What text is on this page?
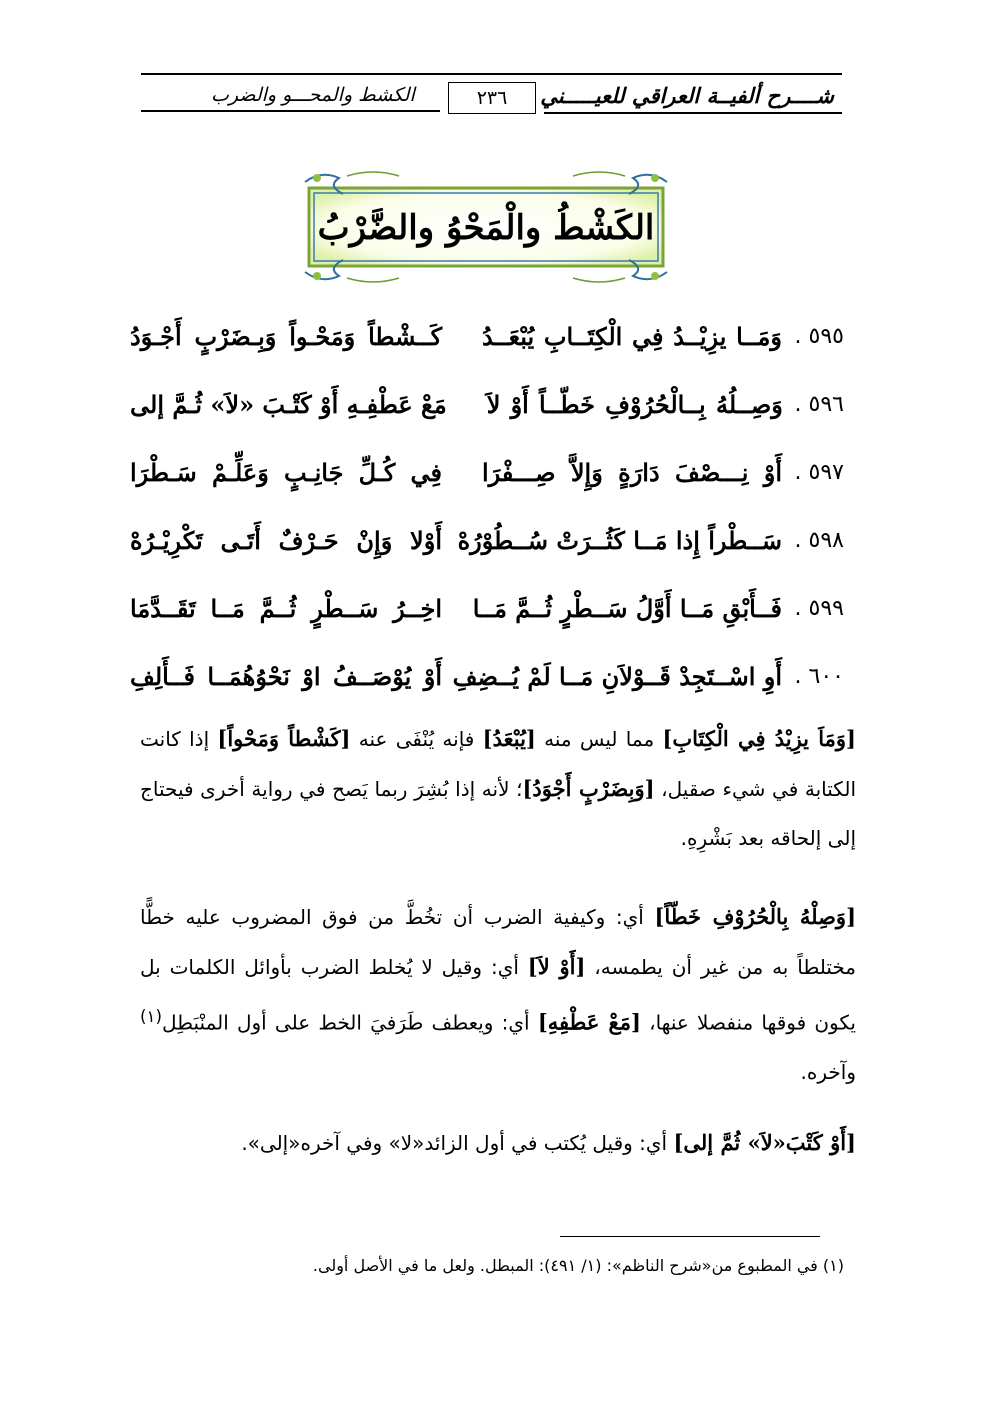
شــــرح ألفيــة العراقي للعيـــــني
٢٣٦
الكشط والمحـــو والضرب
الكَشْطُ والْمَحْوُ والضَّرْبُ
٥٩٥ .
وَمَــا يزِيْــدُ فِي الْكِتَــابِ يُبْعَــدُ
كَــشْطاً وَمَحْـواً وَبِـضَرْبٍ أَجْـوَدُ
٥٩٦ .
وَصِــلُهُ بِــالْحُرُوْفِ خَطّــاً أَوْ لاَ
مَعْ عَطْفِـهِ أَوْ كَتْـبَ «لاَ» ثُـمَّ إلى
٥٩٧ .
أَوْ نِـــصْفَ دَارَةٍ وَإِلاَّ صِـــفْرَا
فِي كُـلِّ جَانِـبٍ وَعَلِّـمْ سَـطْرَا
٥٩٨ .
سَــطْراً إِذا مَــا كَثُــرَتْ سُــطُوْرُهْ
أَوْلا وَإِنْ حَـرْفٌ أَتَـى تَكْرِيْـرُهْ
٥٩٩ .
فَــأَبْقِ مَــا أَوَّلُ سَــطْرٍ ثُــمَّ مَــا
اخِــرُ سَــطْرٍ ثُــمَّ مَــا تَقَــدَّمَا
٦٠٠ .
أَوِ اسْــتَجِدْ قَــوْلاَنِ مَــا لَمْ يُــضِفِ
أَوْ يُوْصَــفُ اوْ نَحْوُهُمَــا فَــأَلِفِ
[وَمَاَ يزِيْدُ فِي الْكِتَابِ] مما ليس منه [يُبْعَدُ] فإنه يُنْفَى عنه [كَشْطاً وَمَحْواً] إذا كانت الكتابة في شيء صقيل، [وَبِضَرْبٍ أَجْوَدُ]؛ لأنه إذا بُشِرَ ربما يَصح في رواية أخرى فيحتاج إلى إلحاقه بعد بَشْرِهِ.
[وَصِلْهُ بِالْحُرُوْفِ خَطّاً] أي: وكيفية الضرب أن تخُطَّ من فوق المضروب عليه خطًّا مختلطاً به من غير أن يطمسه، [أَوْ لاَ] أي: وقيل لا يُخلط الضرب بأوائل الكلمات بل يكون فوقها منفصلا عنها، [مَعْ عَطْفِهِ] أي: ويعطف طَرَفيَ الخط على أول المنْبَطِل$^{(١)}$ وآخره.
[أَوْ كَتْبَ«لاَ» ثُمَّ إلى] أي: وقيل يُكتب في أول الزائد«لا» وفي آخره«إلى».
(١) في المطبوع من«شرح الناظم»: (١/ ٤٩١): المبطل. ولعل ما في الأصل أولى.
